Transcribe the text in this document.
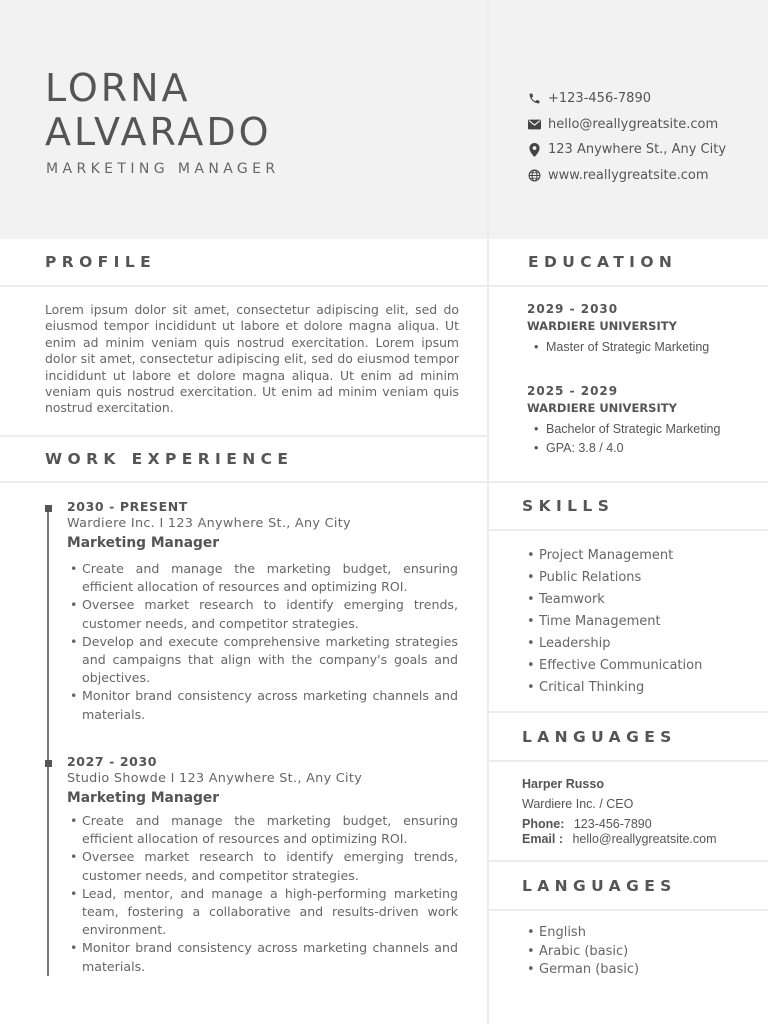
LORNA
ALVARADO
MARKETING MANAGER
+123-456-7890
hello@reallygreatsite.com
123 Anywhere St., Any City
www.reallygreatsite.com
PROFILE
Lorem ipsum dolor sit amet, consectetur adipiscing elit, sed do eiusmod tempor incididunt ut labore et dolore magna aliqua. Ut enim ad minim veniam quis nostrud exercitation. Lorem ipsum dolor sit amet, consectetur adipiscing elit, sed do eiusmod tempor incididunt ut labore et dolore magna aliqua. Ut enim ad minim veniam quis nostrud exercitation. Ut enim ad minim veniam quis nostrud exercitation.
WORK EXPERIENCE
2030 - PRESENT
Wardiere Inc. I 123 Anywhere St., Any City
Marketing Manager
• Create and manage the marketing budget, ensuring efficient allocation of resources and optimizing ROI.
• Oversee market research to identify emerging trends, customer needs, and competitor strategies.
• Develop and execute comprehensive marketing strategies and campaigns that align with the company's goals and objectives.
• Monitor brand consistency across marketing channels and materials.
2027 - 2030
Studio Showde I 123 Anywhere St., Any City
Marketing Manager
• Create and manage the marketing budget, ensuring efficient allocation of resources and optimizing ROI.
• Oversee market research to identify emerging trends, customer needs, and competitor strategies.
• Lead, mentor, and manage a high-performing marketing team, fostering a collaborative and results-driven work environment.
• Monitor brand consistency across marketing channels and materials.
EDUCATION
2029 - 2030
WARDIERE UNIVERSITY
• Master of Strategic Marketing
2025 - 2029
WARDIERE UNIVERSITY
• Bachelor of Strategic Marketing
• GPA: 3.8 / 4.0
SKILLS
• Project Management
• Public Relations
• Teamwork
• Time Management
• Leadership
• Effective Communication
• Critical Thinking
LANGUAGES
Harper Russo
Wardiere Inc. / CEO
Phone: 123-456-7890
Email : hello@reallygreatsite.com
LANGUAGES
• English
• Arabic (basic)
• German (basic)
